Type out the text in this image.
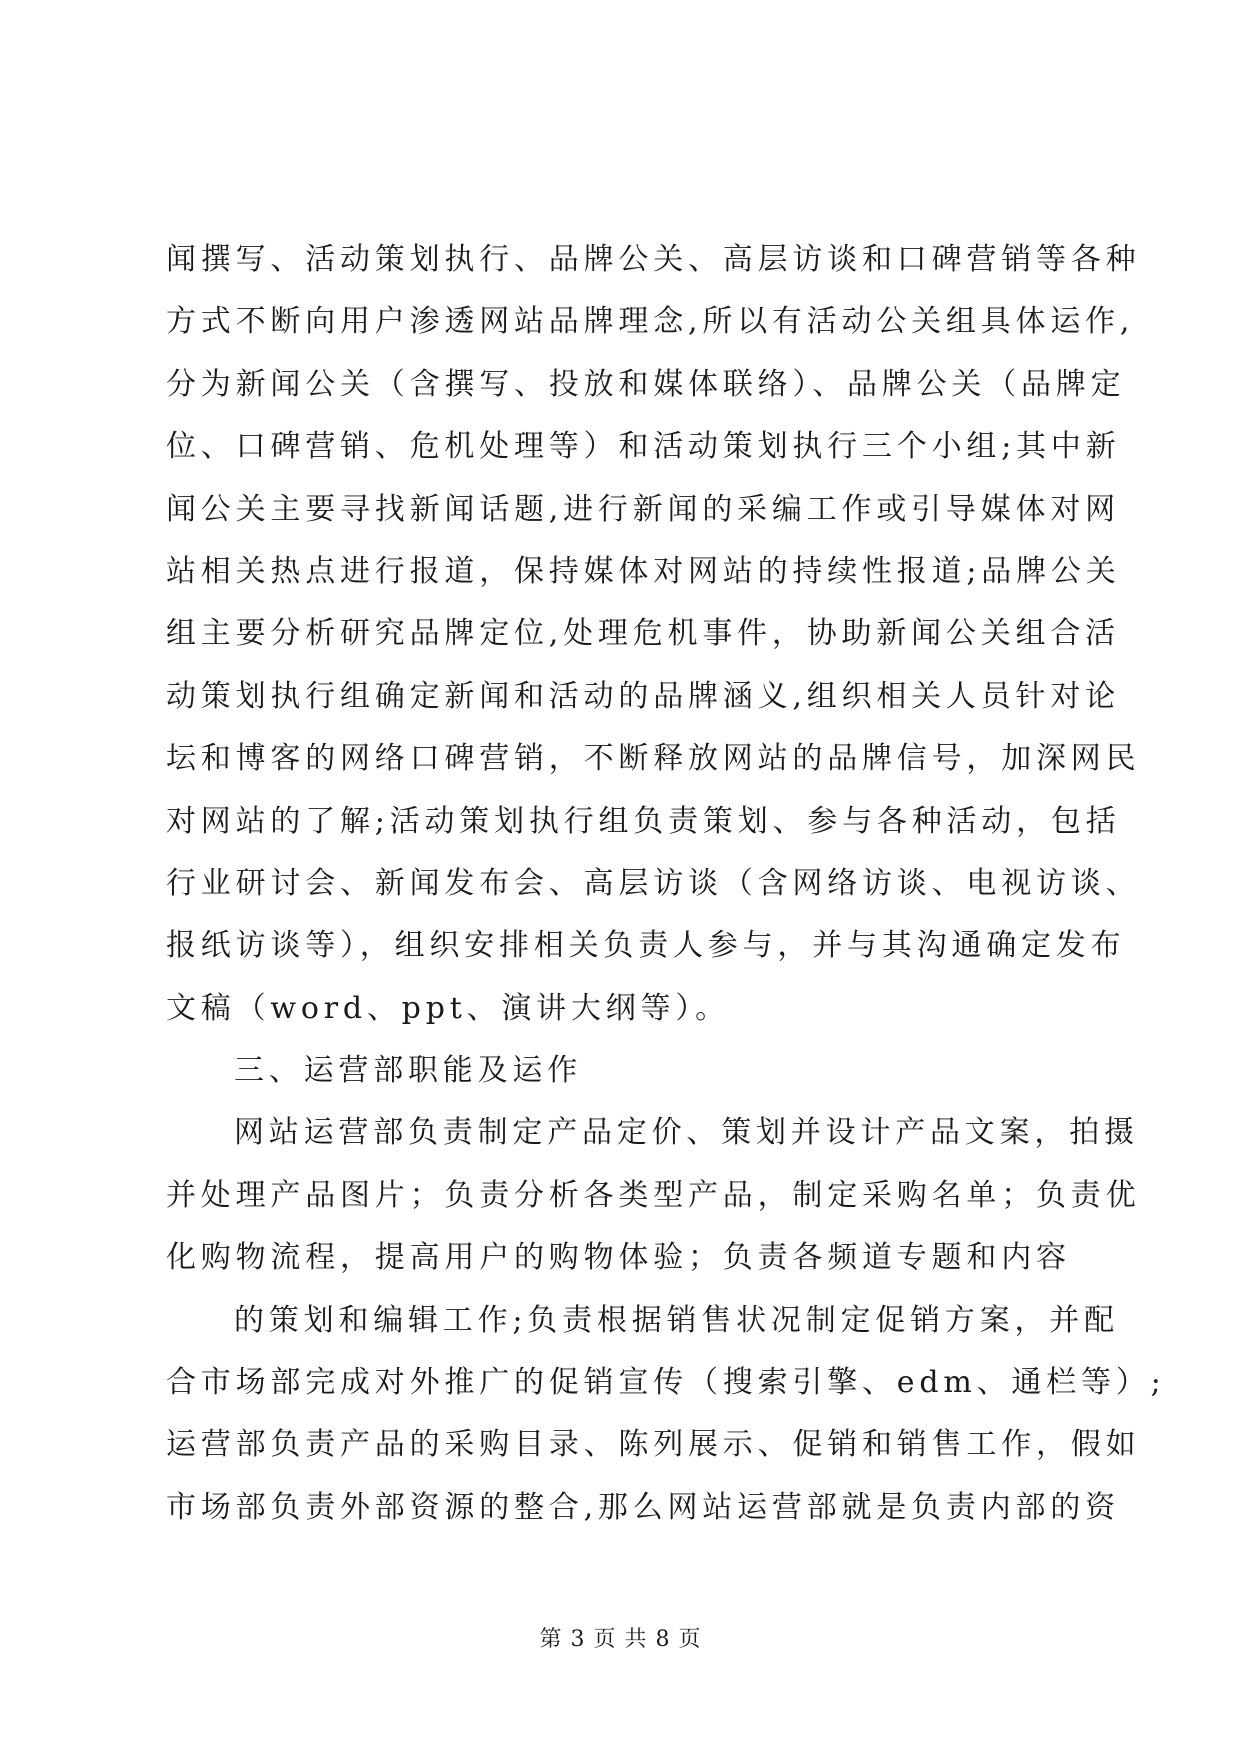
闻撰写、活动策划执行、品牌公关、高层访谈和口碑营销等各种
方式不断向用户渗透网站品牌理念,所以有活动公关组具体运作,
分为新闻公关（含撰写、投放和媒体联络）、品牌公关（品牌定
位、口碑营销、危机处理等）和活动策划执行三个小组;其中新
闻公关主要寻找新闻话题,进行新闻的采编工作或引导媒体对网
站相关热点进行报道，保持媒体对网站的持续性报道;品牌公关
组主要分析研究品牌定位,处理危机事件，协助新闻公关组合活
动策划执行组确定新闻和活动的品牌涵义,组织相关人员针对论
坛和博客的网络口碑营销，不断释放网站的品牌信号，加深网民
对网站的了解;活动策划执行组负责策划、参与各种活动，包括
行业研讨会、新闻发布会、高层访谈（含网络访谈、电视访谈、
报纸访谈等），组织安排相关负责人参与，并与其沟通确定发布
文稿（word、ppt、演讲大纲等）。
三、运营部职能及运作
网站运营部负责制定产品定价、策划并设计产品文案，拍摄
并处理产品图片；负责分析各类型产品，制定采购名单；负责优
化购物流程，提高用户的购物体验；负责各频道专题和内容
的策划和编辑工作;负责根据销售状况制定促销方案，并配
合市场部完成对外推广的促销宣传（搜索引擎、edm、通栏等）;
运营部负责产品的采购目录、陈列展示、促销和销售工作，假如
市场部负责外部资源的整合,那么网站运营部就是负责内部的资
第 3 页 共 8 页
